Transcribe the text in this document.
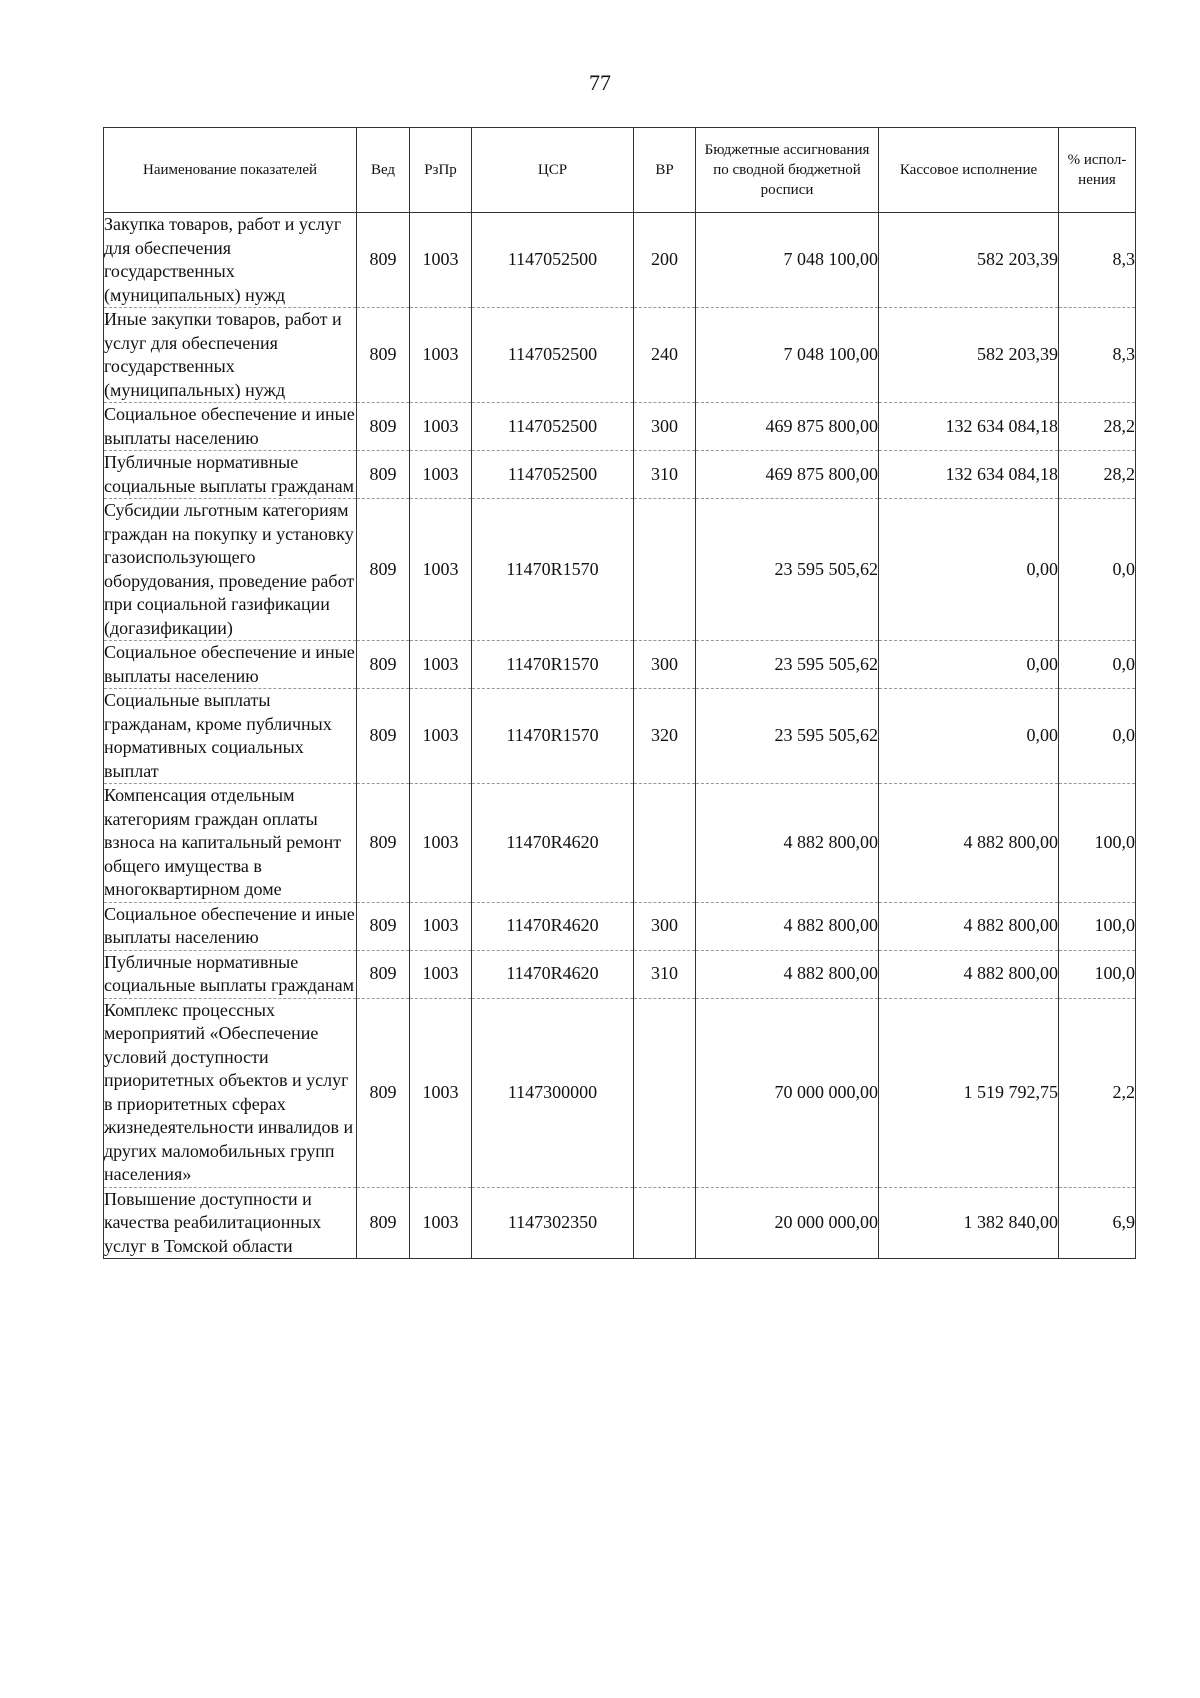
77
Наименование показателей	Вед	РзПр	ЦСР	ВР	Бюджетные ассигнования по сводной бюджетной росписи	Кассовое исполнение	% испол-нения
Закупка товаров, работ и услуг для обеспечения государственных (муниципальных) нужд	809	1003	1147052500	200	7 048 100,00	582 203,39	8,3
Иные закупки товаров, работ и услуг для обеспечения государственных (муниципальных) нужд	809	1003	1147052500	240	7 048 100,00	582 203,39	8,3
Социальное обеспечение и иные выплаты населению	809	1003	1147052500	300	469 875 800,00	132 634 084,18	28,2
Публичные нормативные социальные выплаты гражданам	809	1003	1147052500	310	469 875 800,00	132 634 084,18	28,2
Субсидии льготным категориям граждан на покупку и установку газоиспользующего оборудования, проведение работ при социальной газификации (догазификации)	809	1003	11470R1570		23 595 505,62	0,00	0,0
Социальное обеспечение и иные выплаты населению	809	1003	11470R1570	300	23 595 505,62	0,00	0,0
Социальные выплаты гражданам, кроме публичных нормативных социальных выплат	809	1003	11470R1570	320	23 595 505,62	0,00	0,0
Компенсация отдельным категориям граждан оплаты взноса на капитальный ремонт общего имущества в многоквартирном доме	809	1003	11470R4620		4 882 800,00	4 882 800,00	100,0
Социальное обеспечение и иные выплаты населению	809	1003	11470R4620	300	4 882 800,00	4 882 800,00	100,0
Публичные нормативные социальные выплаты гражданам	809	1003	11470R4620	310	4 882 800,00	4 882 800,00	100,0
Комплекс процессных мероприятий «Обеспечение условий доступности приоритетных объектов и услуг в приоритетных сферах жизнедеятельности инвалидов и других маломобильных групп населения»	809	1003	1147300000		70 000 000,00	1 519 792,75	2,2
Повышение доступности и качества реабилитационных услуг в Томской области	809	1003	1147302350		20 000 000,00	1 382 840,00	6,9
